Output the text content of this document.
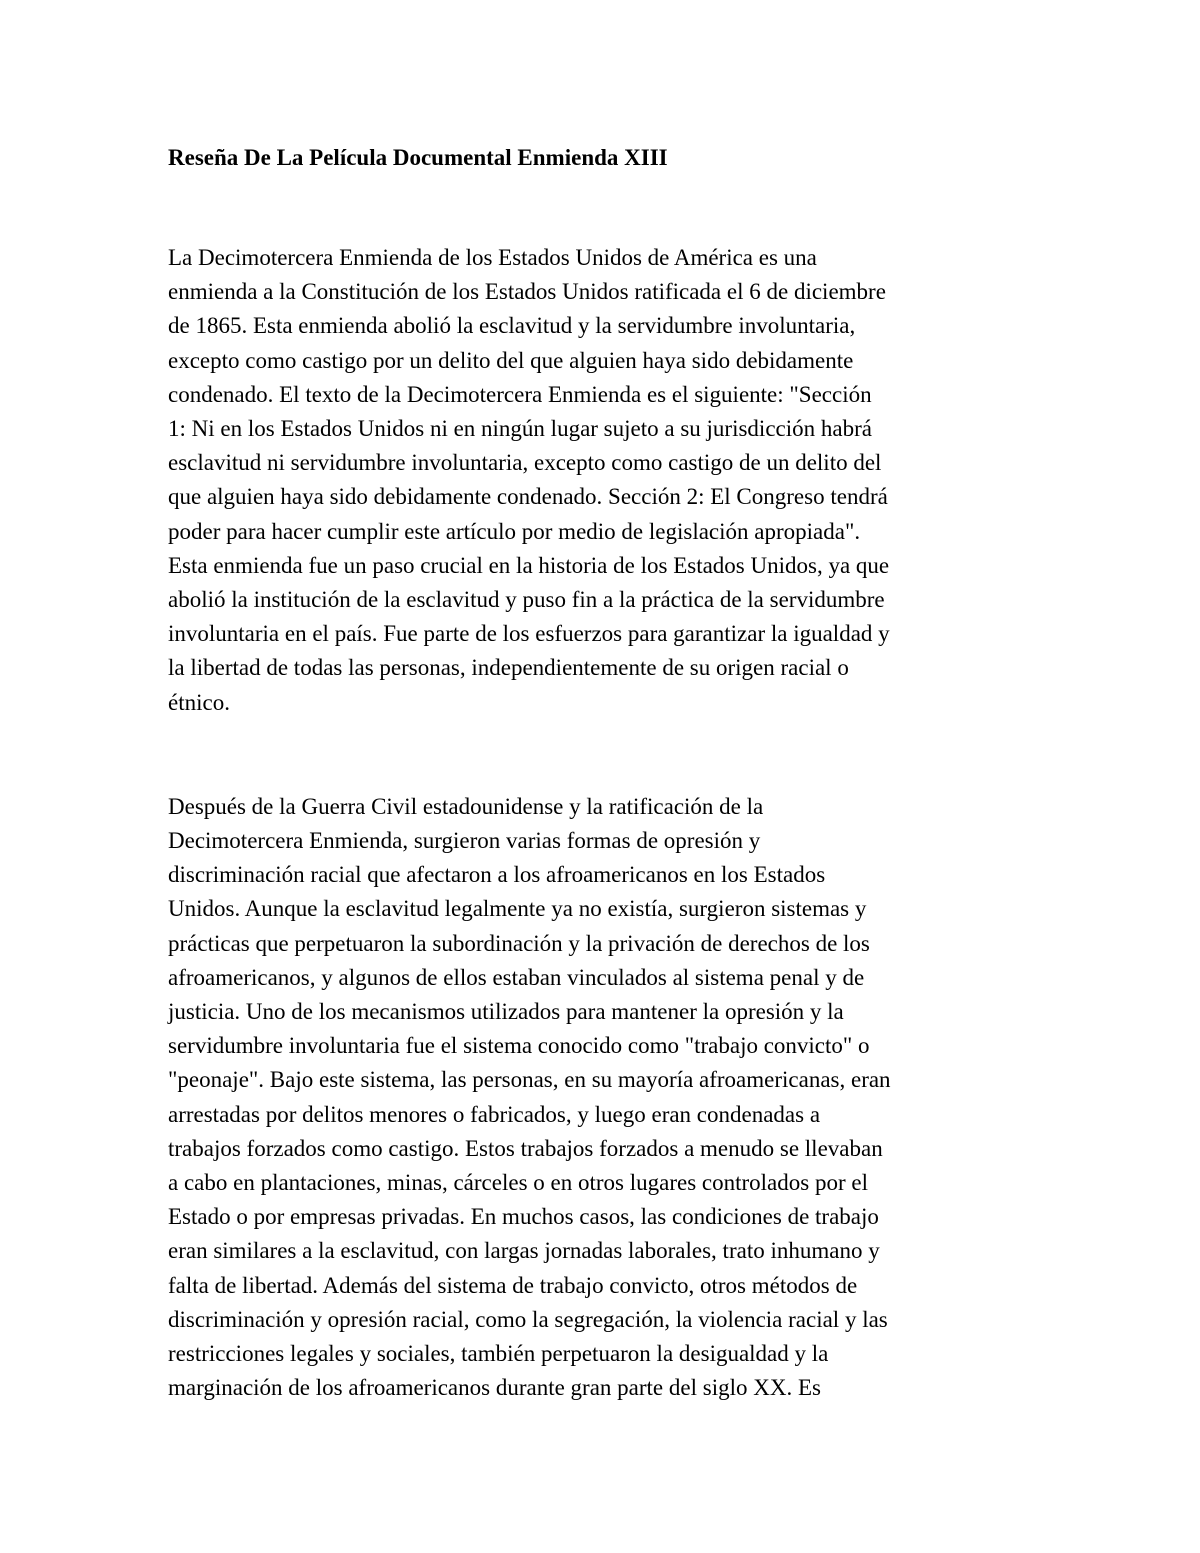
Reseña De La Película Documental Enmienda XIII

La Decimotercera Enmienda de los Estados Unidos de América es una
enmienda a la Constitución de los Estados Unidos ratificada el 6 de diciembre
de 1865. Esta enmienda abolió la esclavitud y la servidumbre involuntaria,
excepto como castigo por un delito del que alguien haya sido debidamente
condenado. El texto de la Decimotercera Enmienda es el siguiente: "Sección
1: Ni en los Estados Unidos ni en ningún lugar sujeto a su jurisdicción habrá
esclavitud ni servidumbre involuntaria, excepto como castigo de un delito del
que alguien haya sido debidamente condenado. Sección 2: El Congreso tendrá
poder para hacer cumplir este artículo por medio de legislación apropiada".
Esta enmienda fue un paso crucial en la historia de los Estados Unidos, ya que
abolió la institución de la esclavitud y puso fin a la práctica de la servidumbre
involuntaria en el país. Fue parte de los esfuerzos para garantizar la igualdad y
la libertad de todas las personas, independientemente de su origen racial o
étnico.

Después de la Guerra Civil estadounidense y la ratificación de la
Decimotercera Enmienda, surgieron varias formas de opresión y
discriminación racial que afectaron a los afroamericanos en los Estados
Unidos. Aunque la esclavitud legalmente ya no existía, surgieron sistemas y
prácticas que perpetuaron la subordinación y la privación de derechos de los
afroamericanos, y algunos de ellos estaban vinculados al sistema penal y de
justicia. Uno de los mecanismos utilizados para mantener la opresión y la
servidumbre involuntaria fue el sistema conocido como "trabajo convicto" o
"peonaje". Bajo este sistema, las personas, en su mayoría afroamericanas, eran
arrestadas por delitos menores o fabricados, y luego eran condenadas a
trabajos forzados como castigo. Estos trabajos forzados a menudo se llevaban
a cabo en plantaciones, minas, cárceles o en otros lugares controlados por el
Estado o por empresas privadas. En muchos casos, las condiciones de trabajo
eran similares a la esclavitud, con largas jornadas laborales, trato inhumano y
falta de libertad. Además del sistema de trabajo convicto, otros métodos de
discriminación y opresión racial, como la segregación, la violencia racial y las
restricciones legales y sociales, también perpetuaron la desigualdad y la
marginación de los afroamericanos durante gran parte del siglo XX. Es
